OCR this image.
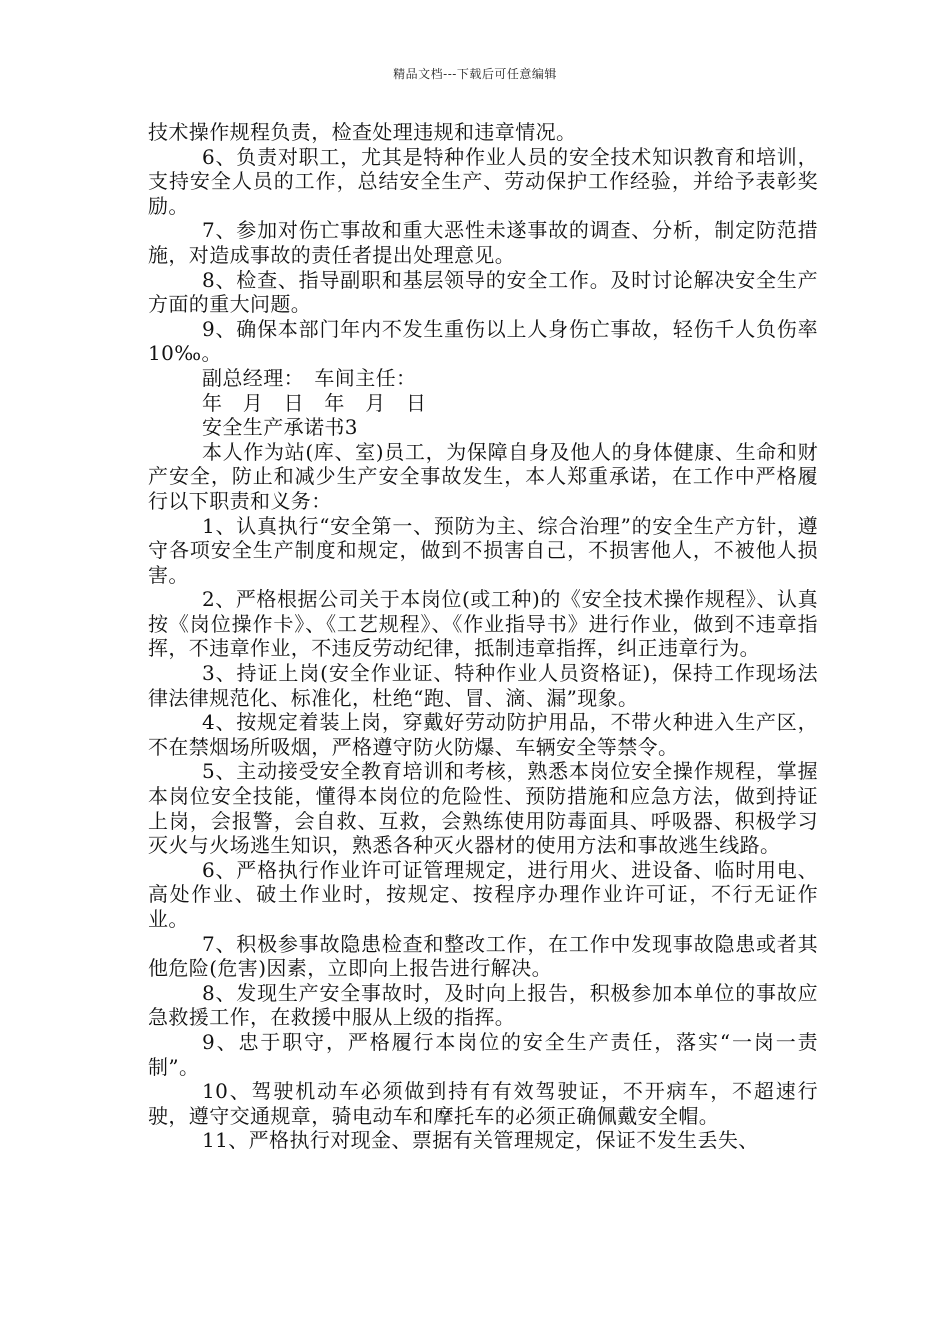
精品文档---下载后可任意编辑

技术操作规程负责，检查处理违规和违章情况。

6、负责对职工，尤其是特种作业人员的安全技术知识教育和培训，支持安全人员的工作，总结安全生产、劳动保护工作经验，并给予表彰奖励。

7、参加对伤亡事故和重大恶性未遂事故的调查、分析，制定防范措施，对造成事故的责任者提出处理意见。

8、检查、指导副职和基层领导的安全工作。及时讨论解决安全生产方面的重大问题。

9、确保本部门年内不发生重伤以上人身伤亡事故，轻伤千人负伤率10‰。

副总经理：　车间主任：

年　月　日　年　月　日

安全生产承诺书3

本人作为站(库、室)员工，为保障自身及他人的身体健康、生命和财产安全，防止和减少生产安全事故发生，本人郑重承诺，在工作中严格履行以下职责和义务：

1、认真执行“安全第一、预防为主、综合治理”的安全生产方针，遵守各项安全生产制度和规定，做到不损害自己，不损害他人，不被他人损害。

2、严格根据公司关于本岗位(或工种)的《安全技术操作规程》、认真按《岗位操作卡》、《工艺规程》、《作业指导书》进行作业，做到不违章指挥，不违章作业，不违反劳动纪律，抵制违章指挥，纠正违章行为。

3、持证上岗(安全作业证、特种作业人员资格证)，保持工作现场法律法律规范化、标准化，杜绝“跑、冒、滴、漏”现象。

4、按规定着装上岗，穿戴好劳动防护用品，不带火种进入生产区，不在禁烟场所吸烟，严格遵守防火防爆、车辆安全等禁令。

5、主动接受安全教育培训和考核，熟悉本岗位安全操作规程，掌握本岗位安全技能，懂得本岗位的危险性、预防措施和应急方法，做到持证上岗，会报警，会自救、互救，会熟练使用防毒面具、呼吸器、积极学习灭火与火场逃生知识，熟悉各种灭火器材的使用方法和事故逃生线路。

6、严格执行作业许可证管理规定，进行用火、进设备、临时用电、高处作业、破土作业时，按规定、按程序办理作业许可证，不行无证作业。

7、积极参事故隐患检查和整改工作，在工作中发现事故隐患或者其他危险(危害)因素，立即向上报告进行解决。

8、发现生产安全事故时，及时向上报告，积极参加本单位的事故应急救援工作，在救援中服从上级的指挥。

9、忠于职守，严格履行本岗位的安全生产责任，落实“一岗一责制”。

10、驾驶机动车必须做到持有有效驾驶证，不开病车，不超速行驶，遵守交通规章，骑电动车和摩托车的必须正确佩戴安全帽。

11、严格执行对现金、票据有关管理规定，保证不发生丢失、
